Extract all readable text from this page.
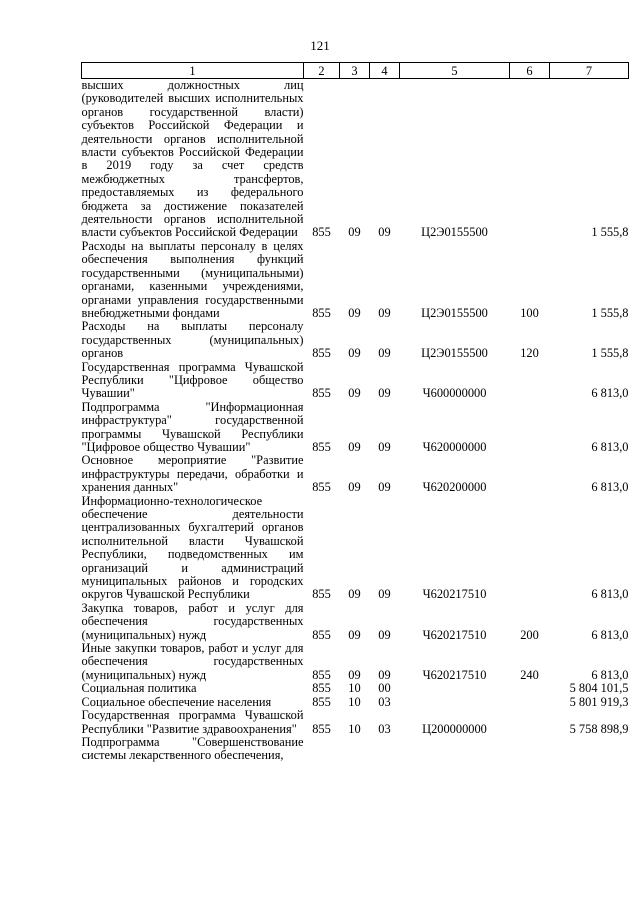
121
1	2	3	4	5	6	7
высших должностных лиц (руководителей высших исполнительных органов государственной власти) субъектов Российской Федерации и деятельности органов исполнительной власти субъектов Российской Федерации в 2019 году за счет средств межбюджетных трансфертов, предоставляемых из федерального бюджета за достижение показателей деятельности органов исполнительной власти субъектов Российской Федерации	855	09	09	Ц2Э0155500		1 555,8
Расходы на выплаты персоналу в целях обеспечения выполнения функций государственными (муниципальными) органами, казенными учреждениями, органами управления государственными внебюджетными фондами	855	09	09	Ц2Э0155500	100	1 555,8
Расходы на выплаты персоналу государственных (муниципальных) органов	855	09	09	Ц2Э0155500	120	1 555,8
Государственная программа Чувашской Республики "Цифровое общество Чувашии"	855	09	09	Ч600000000		6 813,0
Подпрограмма "Информационная инфраструктура" государственной программы Чувашской Республики "Цифровое общество Чувашии"	855	09	09	Ч620000000		6 813,0
Основное мероприятие "Развитие инфраструктуры передачи, обработки и хранения данных"	855	09	09	Ч620200000		6 813,0
Информационно-технологическое обеспечение деятельности централизованных бухгалтерий органов исполнительной власти Чувашской Республики, подведомственных им организаций и администраций муниципальных районов и городских округов Чувашской Республики	855	09	09	Ч620217510		6 813,0
Закупка товаров, работ и услуг для обеспечения государственных (муниципальных) нужд	855	09	09	Ч620217510	200	6 813,0
Иные закупки товаров, работ и услуг для обеспечения государственных (муниципальных) нужд	855	09	09	Ч620217510	240	6 813,0
Социальная политика	855	10	00			5 804 101,5
Социальное обеспечение населения	855	10	03			5 801 919,3
Государственная программа Чувашской Республики "Развитие здравоохранения"	855	10	03	Ц200000000		5 758 898,9
Подпрограмма "Совершенствование системы лекарственного обеспечения,						
